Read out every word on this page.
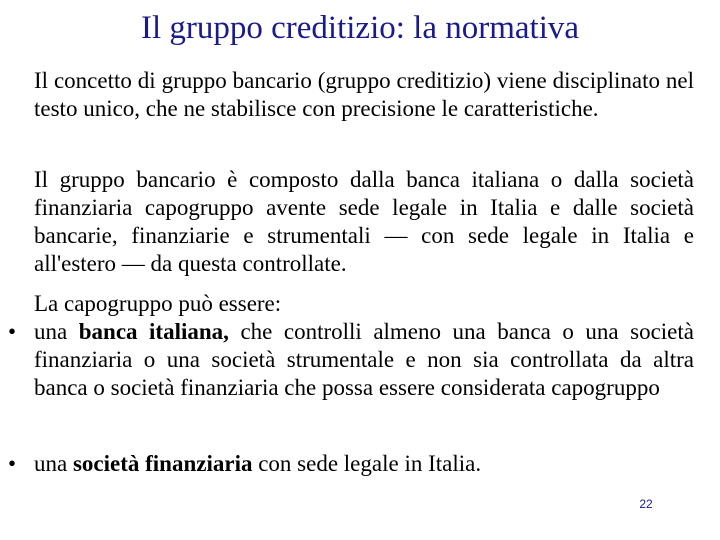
Il gruppo creditizio: la normativa

Il concetto di gruppo bancario (gruppo creditizio) viene disciplinato nel testo unico, che ne stabilisce con precisione le caratteristiche.

Il gruppo bancario è composto dalla banca italiana o dalla società finanziaria capogruppo avente sede legale in Italia e dalle società bancarie, finanziarie e strumentali — con sede legale in Italia e all'estero — da questa controllate.

La capogruppo può essere:

• una banca italiana, che controlli almeno una banca o una società finanziaria o una società strumentale e non sia controllata da altra banca o società finanziaria che possa essere considerata capogruppo
• una società finanziaria con sede legale in Italia.
22
